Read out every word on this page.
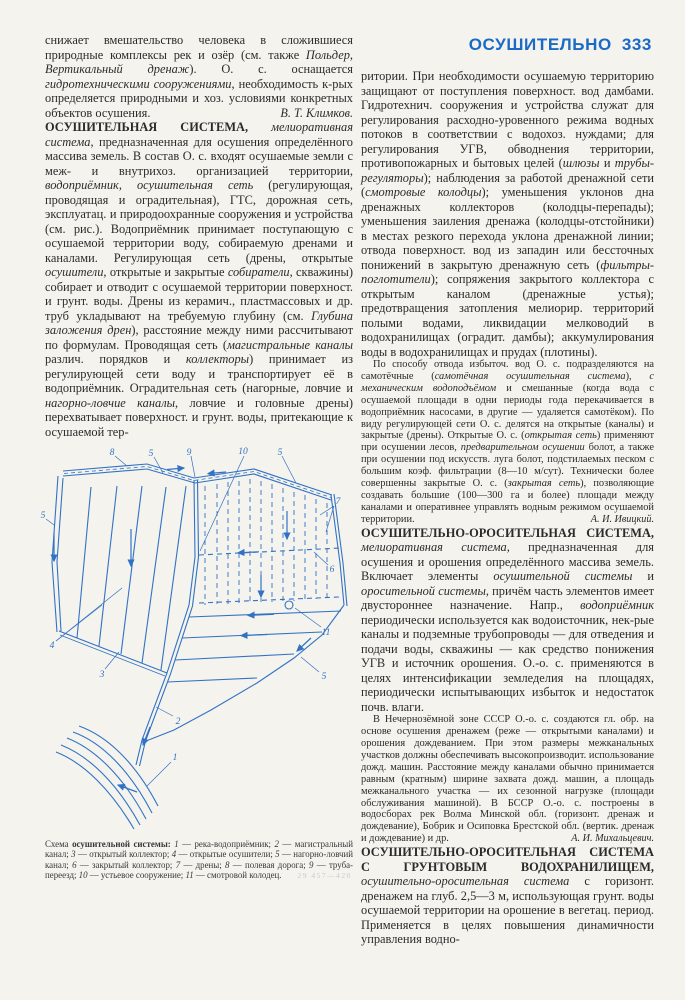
снижает вмешательство человека в сложившиеся природные комплексы рек и озёр (см. также Польдер, Вертикальный дренаж). О. с. оснащается гидротехническими сооружениями, необходимость к-рых определяется природными и хоз. условиями конкретных объектов осушения.	В. Т. Климков.

ОСУШИТЕЛЬНАЯ СИСТЕМА, мелиоративная система, предназначенная для осушения определённого массива земель. В состав О. с. входят осушаемые земли с меж- и внутрихоз. организацией территории, водоприёмник, осушительная сеть (регулирующая, проводящая и оградительная), ГТС, дорожная сеть, эксплуатац. и природоохранные сооружения и устройства (см. рис.). Водоприёмник принимает поступающую с осушаемой территории воду, собираемую дренами и каналами. Регулирующая сеть (дрены, открытые осушители, открытые и закрытые собиратели, скважины) собирает и отводит с осушаемой территории поверхност. и грунт. воды. Дрены из керамич., пластмассовых и др. труб укладывают на требуемую глубину (см. Глубина заложения дрен), расстояние между ними рассчитывают по формулам. Проводящая сеть (магистральные каналы различ. порядков и коллекторы) принимает из регулирующей сети воду и транспортирует её в водоприёмник. Оградительная сеть (нагорные, ловчие и нагорно-ловчие каналы, ловчие и головные дрены) перехватывает поверхност. и грунт. воды, притекающие к осушаемой тер-

8	5	9	10	5
5
7
6
11
4
3
2
1
5
Схема осушительной системы: 1 — река-водоприёмник; 2 — магистральный канал; 3 — открытый коллектор; 4 — открытые осушители; 5 — нагорно-ловчий канал; 6 — закрытый коллектор; 7 — дрены; 8 — полевая дорога; 9 — труба-переезд; 10 — устьевое сооружение; 11 — смотровой колодец. 29 457—420
ОСУШИТЕЛЬНО 333

ритории. При необходимости осушаемую территорию защищают от поступления поверхност. вод дамбами. Гидротехнич. сооружения и устройства служат для регулирования расходно-уровенного режима водных потоков в соответствии с водохоз. нуждами; для регулирования УГВ, обводнения территории, противопожарных и бытовых целей (шлюзы и трубы-регуляторы); наблюдения за работой дренажной сети (смотровые колодцы); уменьшения уклонов дна дренажных коллекторов (колодцы-перепады); уменьшения заиления дренажа (колодцы-отстойники) в местах резкого перехода уклона дренажной линии; отвода поверхност. вод из западин или бессточных понижений в закрытую дренажную сеть (фильтры-поглотители); сопряжения закрытого коллектора с открытым каналом (дренажные устья); предотвращения затопления мелиорир. территорий полыми водами, ликвидации мелководий в водохранилищах (оградит. дамбы); аккумулирования воды в водохранилищах и прудах (плотины).

По способу отвода избыточ. вод О. с. подразделяются на самотёчные (самотёчная осушительная система), с механическим водоподъёмом и смешанные (когда вода с осушаемой площади в одни периоды года перекачивается в водоприёмник насосами, в другие — удаляется самотёком). По виду регулирующей сети О. с. делятся на открытые (каналы) и закрытые (дрены). Открытые О. с. (открытая сеть) применяют при осушении лесов, предварительном осушении болот, а также при осушении под искусств. луга болот, подстилаемых песком с большим коэф. фильтрации (8—10 м/сут). Технически более совершенны закрытые О. с. (закрытая сеть), позволяющие создавать большие (100—300 га и более) площади между каналами и оперативнее управлять водным режимом осушаемой территории.	А. И. Ивицкий.

ОСУШИТЕЛЬНО-ОРОСИТЕЛЬНАЯ СИСТЕМА, мелиоративная система, предназначенная для осушения и орошения определённого массива земель. Включает элементы осушительной системы и оросительной системы, причём часть элементов имеет двустороннее назначение. Напр., водоприёмник периодически используется как водоисточник, нек-рые каналы и подземные трубопроводы — для отведения и подачи воды, скважины — как средство понижения УГВ и источник орошения. О.-о. с. применяются в целях интенсификации земледелия на площадях, периодически испытывающих избыток и недостаток почв. влаги.

В Нечернозёмной зоне СССР О.-о. с. создаются гл. обр. на основе осушения дренажем (реже — открытыми каналами) и орошения дождеванием. При этом размеры межканальных участков должны обеспечивать высокопроизводит. использование дожд. машин. Расстояние между каналами обычно принимается равным (кратным) ширине захвата дожд. машин, а площадь межканального участка — их сезонной нагрузке (площади обслуживания машиной). В БССР О.-о. с. построены в водосборах рек Волма Минской обл. (горизонт. дренаж и дождевание), Бобрик и Осиповка Брестской обл. (вертик. дренаж и дождевание) и др.	А. И. Михальцевич.

ОСУШИТЕЛЬНО-ОРОСИТЕЛЬНАЯ СИСТЕМА С ГРУНТОВЫМ ВОДОХРАНИЛИЩЕМ, осушительно-оросительная система с горизонт. дренажем на глуб. 2,5—3 м, использующая грунт. воды осушаемой территории на орошение в вегетац. период. Применяется в целях повышения динамичности управления водно-
